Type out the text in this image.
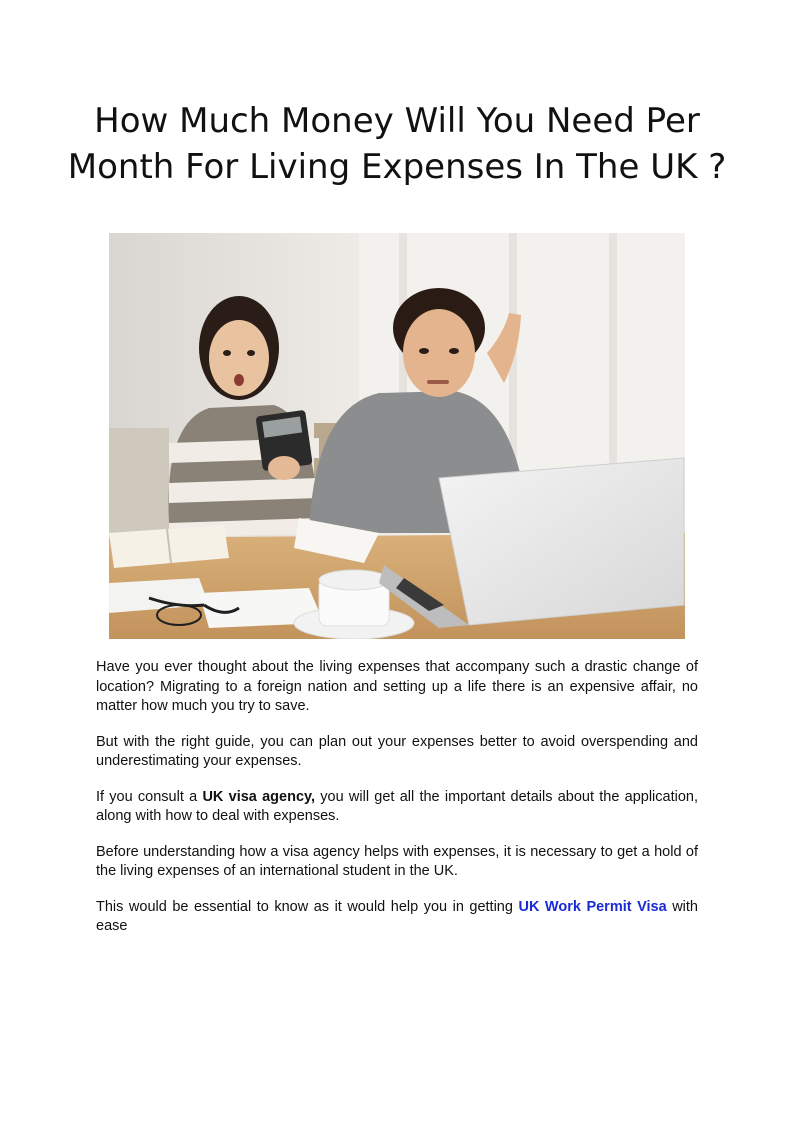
How Much Money Will You Need Per
Month For Living Expenses In The UK ?

Have you ever thought about the living expenses that accompany such a drastic change of location? Migrating to a foreign nation and setting up a life there is an expensive affair, no matter how much you try to save.

But with the right guide, you can plan out your expenses better to avoid overspending and underestimating your expenses.

If you consult a UK visa agency, you will get all the important details about the application, along with how to deal with expenses.

Before understanding how a visa agency helps with expenses, it is necessary to get a hold of the living expenses of an international student in the UK.

This would be essential to know as it would help you in getting UK Work Permit Visa with ease
